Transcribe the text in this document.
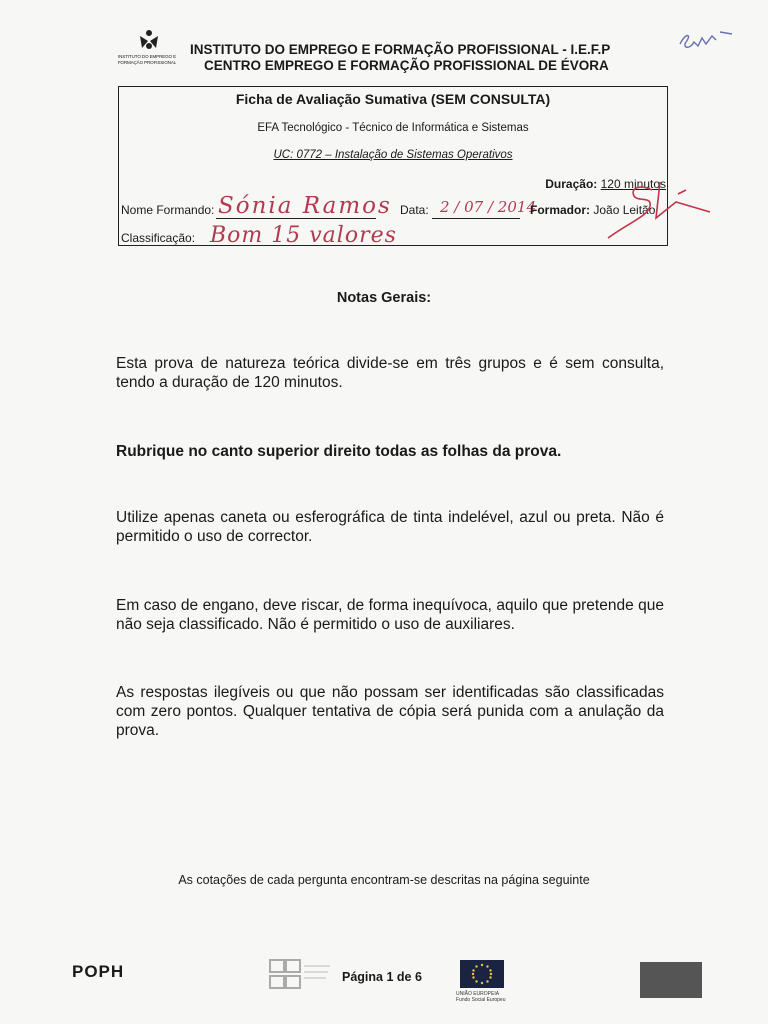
INSTITUTO DO EMPREGO E FORMAÇÃO PROFISSIONAL
INSTITUTO DO EMPREGO E FORMAÇÃO PROFISSIONAL - I.E.F.P
CENTRO EMPREGO E FORMAÇÃO PROFISSIONAL DE ÉVORA
Ficha de Avaliação Sumativa (SEM CONSULTA)
EFA Tecnológico - Técnico de Informática e Sistemas
UC: 0772 – Instalação de Sistemas Operativos
Duração: 120 minutos
Nome Formando: Sónia Ramos Data: 2 / 07 / 2014
Formador: João Leitão
Classificação: Bom 15 valores
Notas Gerais:
Esta prova de natureza teórica divide-se em três grupos e é sem consulta, tendo a duração de 120 minutos.
Rubrique no canto superior direito todas as folhas da prova.
Utilize apenas caneta ou esferográfica de tinta indelével, azul ou preta. Não é permitido o uso de corrector.
Em caso de engano, deve riscar, de forma inequívoca, aquilo que pretende que não seja classificado. Não é permitido o uso de auxiliares.
As respostas ilegíveis ou que não possam ser identificadas são classificadas com zero pontos. Qualquer tentativa de cópia será punida com a anulação da prova.
As cotações de cada pergunta encontram-se descritas na página seguinte
POPH	Página 1 de 6
UNIÃO EUROPEIA
Fundo Social Europeu
